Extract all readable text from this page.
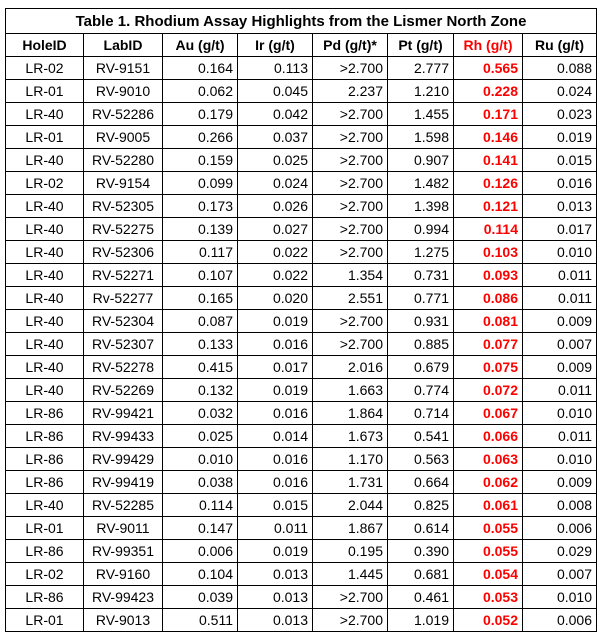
Table 1. Rhodium Assay Highlights from the Lismer North Zone							
HoleID	LabID	Au (g/t)	Ir (g/t)	Pd (g/t)*	Pt (g/t)	Rh (g/t)	Ru (g/t)
LR-02	RV-9151	0.164	0.113	>2.700	2.777	0.565	0.088
LR-01	RV-9010	0.062	0.045	2.237	1.210	0.228	0.024
LR-40	RV-52286	0.179	0.042	>2.700	1.455	0.171	0.023
LR-01	RV-9005	0.266	0.037	>2.700	1.598	0.146	0.019
LR-40	RV-52280	0.159	0.025	>2.700	0.907	0.141	0.015
LR-02	RV-9154	0.099	0.024	>2.700	1.482	0.126	0.016
LR-40	RV-52305	0.173	0.026	>2.700	1.398	0.121	0.013
LR-40	RV-52275	0.139	0.027	>2.700	0.994	0.114	0.017
LR-40	RV-52306	0.117	0.022	>2.700	1.275	0.103	0.010
LR-40	RV-52271	0.107	0.022	1.354	0.731	0.093	0.011
LR-40	Rv-52277	0.165	0.020	2.551	0.771	0.086	0.011
LR-40	RV-52304	0.087	0.019	>2.700	0.931	0.081	0.009
LR-40	RV-52307	0.133	0.016	>2.700	0.885	0.077	0.007
LR-40	RV-52278	0.415	0.017	2.016	0.679	0.075	0.009
LR-40	RV-52269	0.132	0.019	1.663	0.774	0.072	0.011
LR-86	RV-99421	0.032	0.016	1.864	0.714	0.067	0.010
LR-86	RV-99433	0.025	0.014	1.673	0.541	0.066	0.011
LR-86	RV-99429	0.010	0.016	1.170	0.563	0.063	0.010
LR-86	RV-99419	0.038	0.016	1.731	0.664	0.062	0.009
LR-40	RV-52285	0.114	0.015	2.044	0.825	0.061	0.008
LR-01	RV-9011	0.147	0.011	1.867	0.614	0.055	0.006
LR-86	RV-99351	0.006	0.019	0.195	0.390	0.055	0.029
LR-02	RV-9160	0.104	0.013	1.445	0.681	0.054	0.007
LR-86	RV-99423	0.039	0.013	>2.700	0.461	0.053	0.010
LR-01	RV-9013	0.511	0.013	>2.700	1.019	0.052	0.006
